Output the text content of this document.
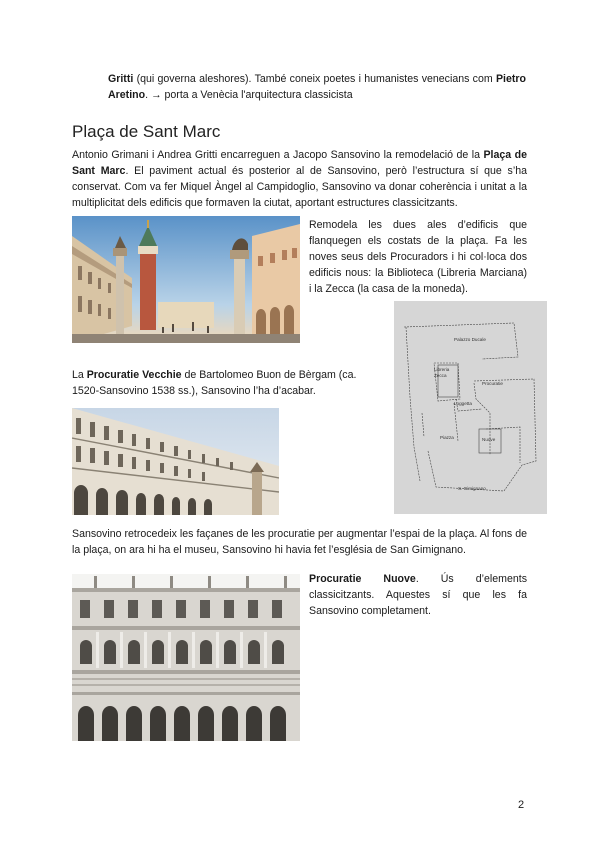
Gritti (qui governa aleshores). També coneix poetes i humanistes venecians com Pietro Aretino. → porta a Venècia l'arquitectura classicista

Plaça de Sant Marc

Antonio Grimani i Andrea Gritti encarreguen a Jacopo Sansovino la remodelació de la Plaça de Sant Marc. El paviment actual és posterior al de Sansovino, però l’estructura sí que s’ha conservat. Com va fer Miquel Àngel al Campidoglio, Sansovino va donar coherència i unitat a la multiplicitat dels edificis que formaven la ciutat, aportant estructures classicitzants.

Remodela les dues ales d’edificis que flanquegen els costats de la plaça. Fa les noves seus dels Procuradors i hi col·loca dos edificis nous: la Biblioteca (Libreria Marciana) i la Zecca (la casa de la moneda).

Palazzo Ducale
Libreria
Zecca
Procuratie
Nuove
Piazza
Loggetta
S. Gimignano

La Procuratie Vecchie de Bartolomeo Buon de Bèrgam (ca. 1520-Sansovino 1538 ss.), Sansovino l’ha d’acabar.

Sansovino retrocedeix les façanes de les procuratie per augmentar l’espai de la plaça. Al fons de la plaça, on ara hi ha el museu, Sansovino hi havia fet l’església de San Gimignano.

Procuratie Nuove. Ús d’elements classicitzants. Aquestes sí que les fa Sansovino completament.

2
